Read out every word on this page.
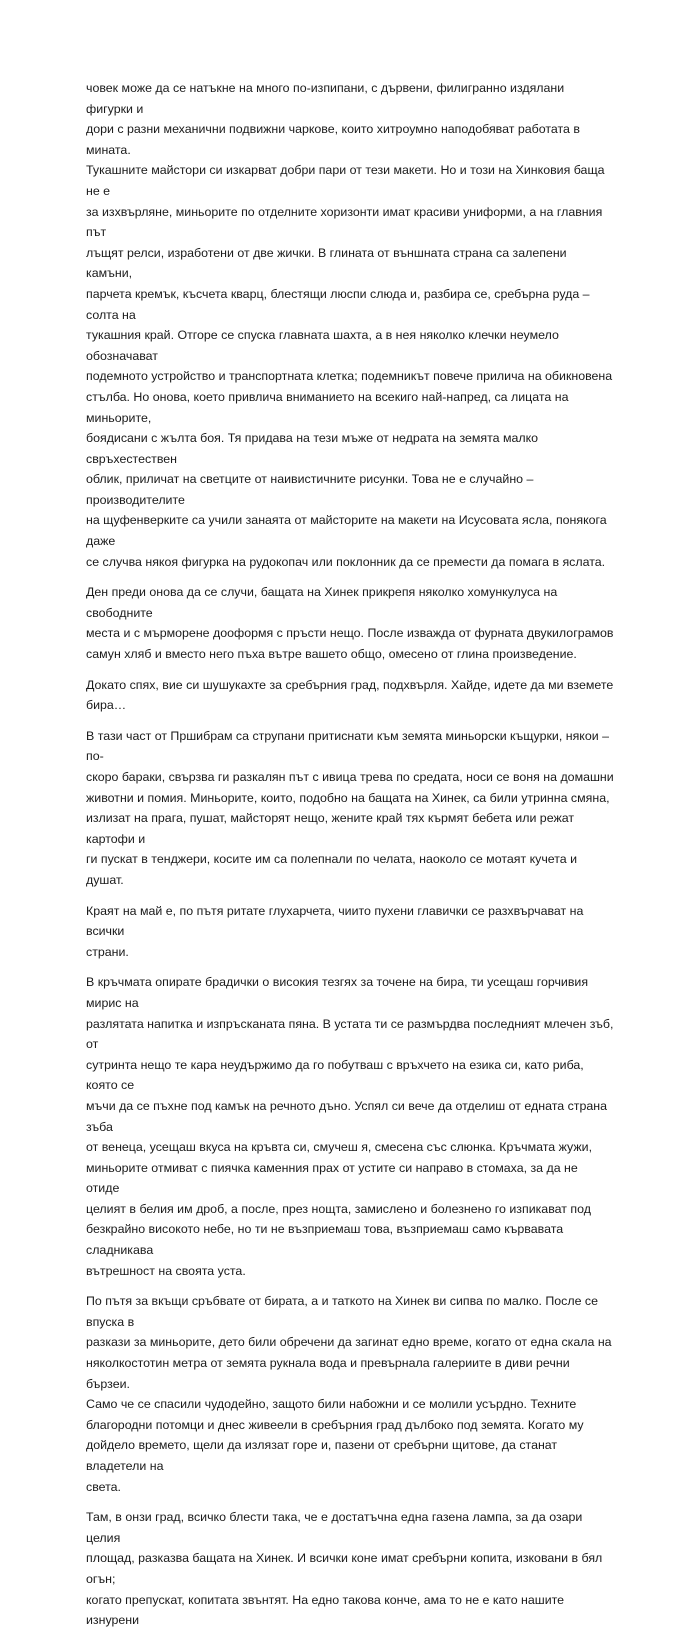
човек може да се натъкне на много по-изпипани, с дървени, филигранно издялани фигурки и
дори с разни механични подвижни чаркове, които хитроумно наподобяват работата в мината.
Тукашните майстори си изкарват добри пари от тези макети. Но и този на Хинковия баща не е
за изхвърляне, миньорите по отделните хоризонти имат красиви униформи, а на главния път
лъщят релси, изработени от две жички. В глината от външната страна са залепени камъни,
парчета кремък, късчета кварц, блестящи люспи слюда и, разбира се, сребърна руда – солта на
тукашния край. Отгоре се спуска главната шахта, а в нея няколко клечки неумело обозначават
подемното устройство и транспортната клетка; подемникът повече прилича на обикновена
стълба. Но онова, което привлича вниманието на всекиго най-напред, са лицата на миньорите,
боядисани с жълта боя. Тя придава на тези мъже от недрата на земята малко свръхестествен
облик, приличат на светците от наивистичните рисунки. Това не е случайно – производителите
на щуфенверките са учили занаята от майсторите на макети на Исусовата ясла, понякога даже
се случва някоя фигурка на рудокопач или поклонник да се премести да помага в яслата.

Ден преди онова да се случи, бащата на Хинек прикрепя няколко хомункулуса на свободните
места и с мърморене дооформя с пръсти нещо. После изважда от фурната двукилограмов
самун хляб и вместо него пъха вътре вашето общо, омесено от глина произведение.

Докато спях, вие си шушукахте за сребърния град, подхвърля. Хайде, идете да ми вземете
бира…

В тази част от Пршибрам са струпани притиснати към земята миньорски къщурки, някои – по-
скоро бараки, свързва ги разкалян път с ивица трева по средата, носи се воня на домашни
животни и помия. Миньорите, които, подобно на бащата на Хинек, са били утринна смяна,
излизат на прага, пушат, майсторят нещо, жените край тях кърмят бебета или режат картофи и
ги пускат в тенджери, косите им са полепнали по челата, наоколо се мотаят кучета и душат.

Краят на май е, по пътя ритате глухарчета, чиито пухени главички се разхвърчават на всички
страни.

В кръчмата опирате брадички о високия тезгях за точене на бира, ти усещаш горчивия мирис на
разлятата напитка и изпръсканата пяна. В устата ти се размърдва последният млечен зъб, от
сутринта нещо те кара неудържимо да го побутваш с връхчето на езика си, като риба, която се
мъчи да се пъхне под камък на речното дъно. Успял си вече да отделиш от едната страна зъба
от венеца, усещаш вкуса на кръвта си, смучеш я, смесена със слюнка. Кръчмата жужи,
миньорите отмиват с пиячка каменния прах от устите си направо в стомаха, за да не отиде
целият в белия им дроб, а после, през нощта, замислено и болезнено го изпикават под
безкрайно високото небе, но ти не възприемаш това, възприемаш само кървавата сладникава
вътрешност на своята уста.

По пътя за вкъщи сръбвате от бирата, а и таткото на Хинек ви сипва по малко. После се впуска в
разкази за миньорите, дето били обречени да загинат едно време, когато от една скала на
няколкостотин метра от земята рукнала вода и превърнала галериите в диви речни бързеи.
Само че се спасили чудодейно, защото били набожни и се молили усърдно. Техните
благородни потомци и днес живеели в сребърния град дълбоко под земята. Когато му
дойдело времето, щели да излязат горе и, пазени от сребърни щитове, да станат владетели на
света.

Там, в онзи град, всичко блести така, че е достатъчна една газена лампа, за да озари целия
площад, разказва бащата на Хинек. И всички коне имат сребърни копита, изковани в бял огън;
когато препускат, копитата звънтят. На едно такова конче, ама то не е като нашите изнурени
